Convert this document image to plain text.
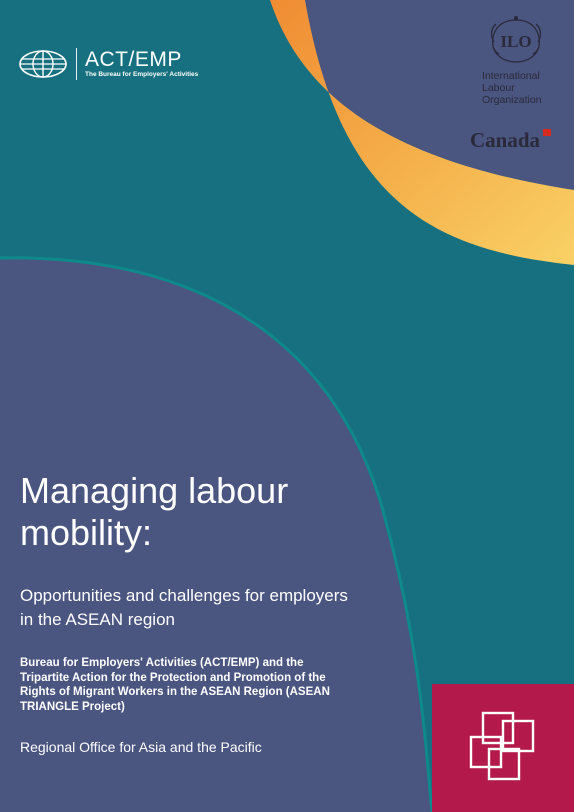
ACT/EMP
The Bureau for Employers' Activities
ILO
International
Labour
Organization
Canada
Managing labour mobility:

Opportunities and challenges for employers in the ASEAN region

Bureau for Employers' Activities (ACT/EMP) and the Tripartite Action for the Protection and Promotion of the Rights of Migrant Workers in the ASEAN Region (ASEAN TRIANGLE Project)

Regional Office for Asia and the Pacific
